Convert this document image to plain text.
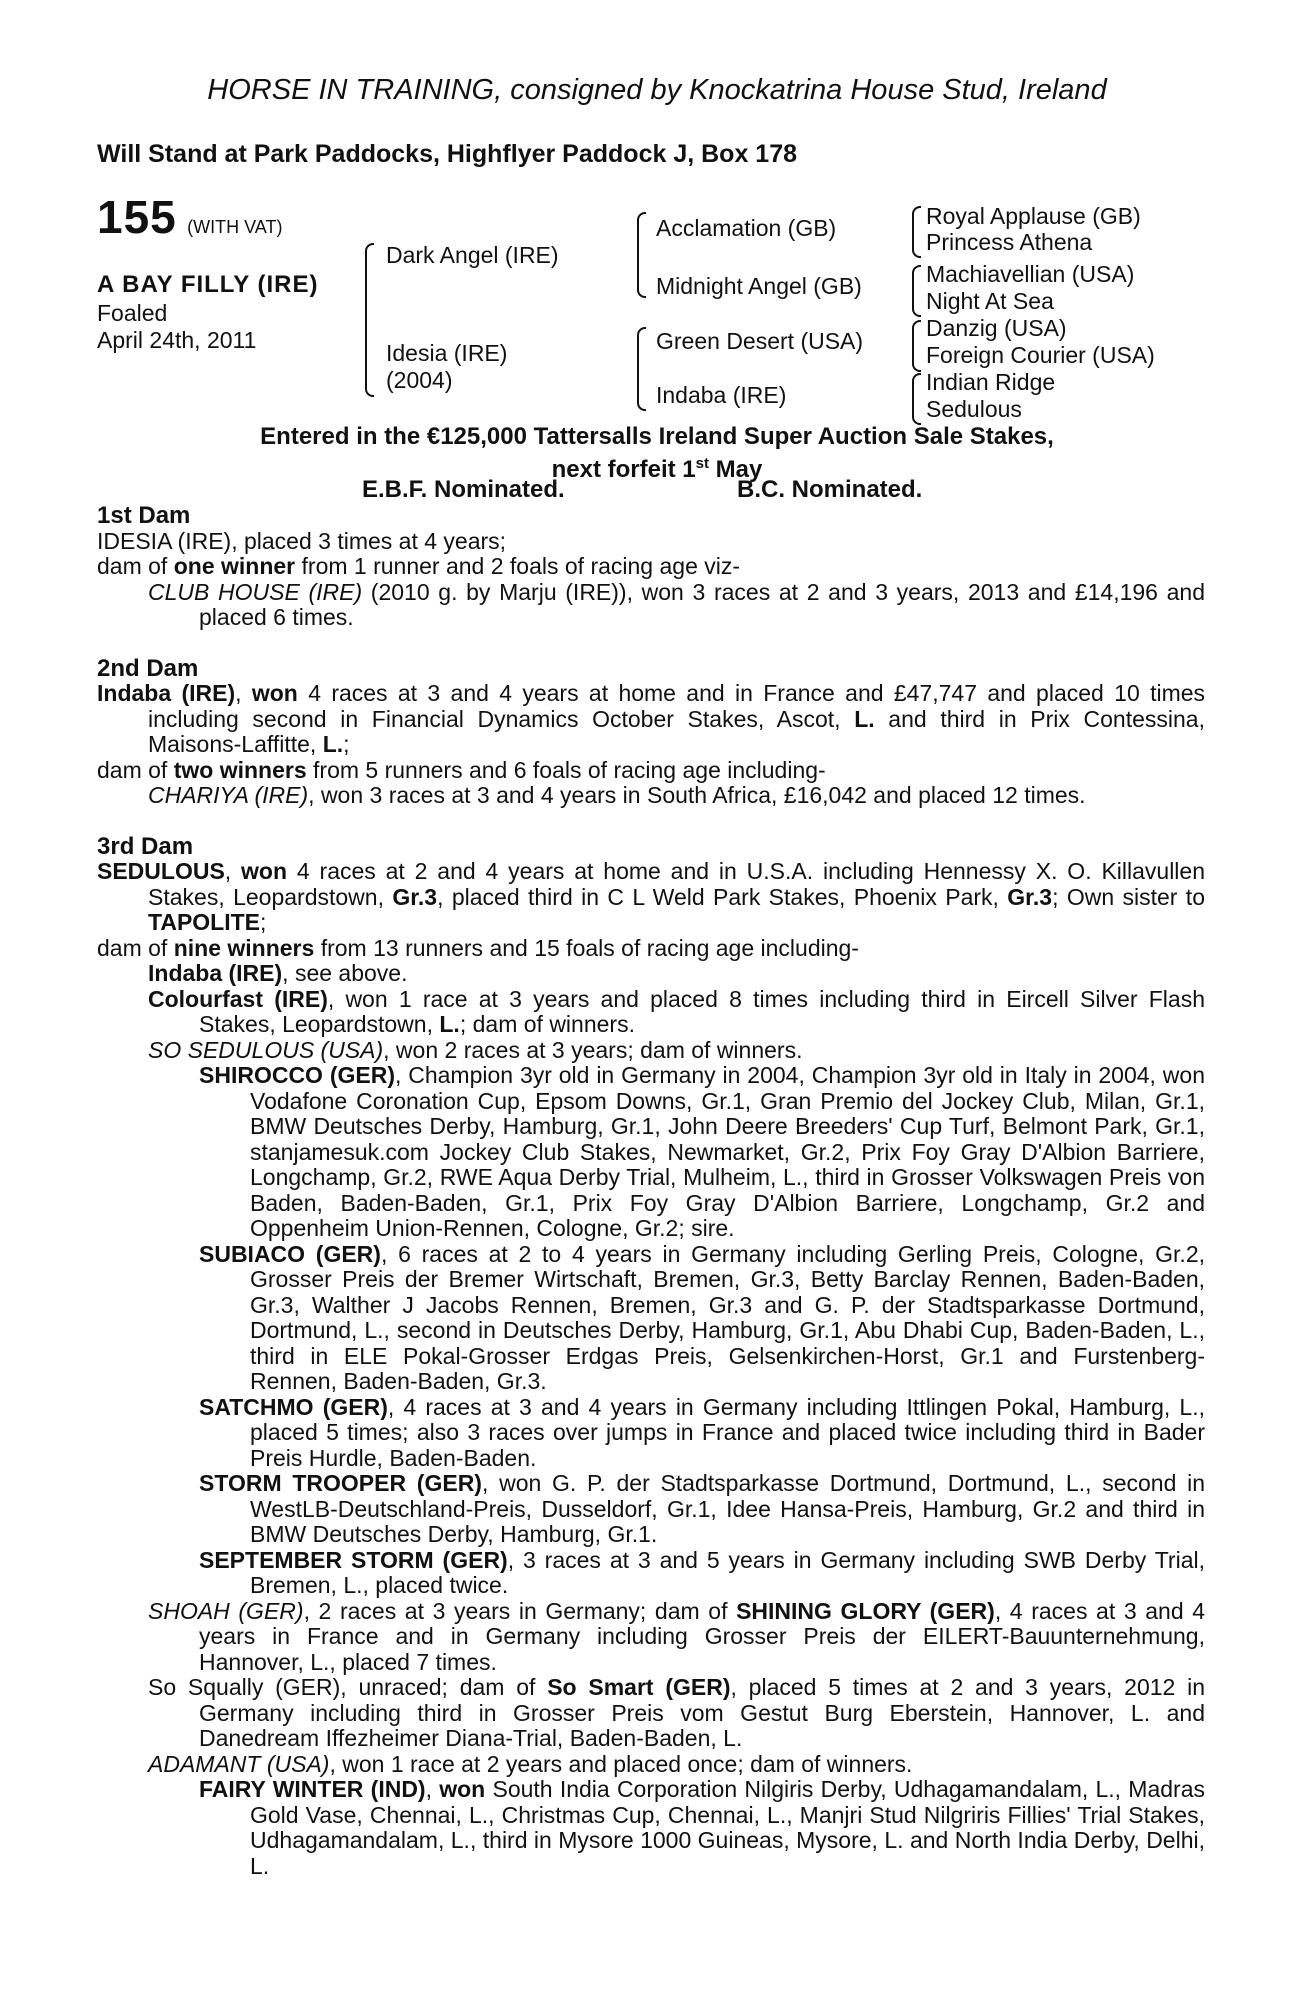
HORSE IN TRAINING, consigned by Knockatrina House Stud, Ireland
Will Stand at Park Paddocks, Highflyer Paddock J, Box 178
155 (WITH VAT)
A BAY FILLY (IRE)
Foaled
April 24th, 2011
Dark Angel (IRE)
Idesia (IRE)
(2004)
Acclamation (GB)
Midnight Angel (GB)
Green Desert (USA)
Indaba (IRE)
Royal Applause (GB)
Princess Athena
Machiavellian (USA)
Night At Sea
Danzig (USA)
Foreign Courier (USA)
Indian Ridge
Sedulous
Entered in the €125,000 Tattersalls Ireland Super Auction Sale Stakes,
next forfeit 1st May
E.B.F. Nominated.	B.C. Nominated.

1st Dam

IDESIA (IRE), placed 3 times at 4 years;

dam of one winner from 1 runner and 2 foals of racing age viz-

CLUB HOUSE (IRE) (2010 g. by Marju (IRE)), won 3 races at 2 and 3 years, 2013 and £14,196 and placed 6 times.

2nd Dam

Indaba (IRE), won 4 races at 3 and 4 years at home and in France and £47,747 and placed 10 times including second in Financial Dynamics October Stakes, Ascot, L. and third in Prix Contessina, Maisons-Laffitte, L.;

dam of two winners from 5 runners and 6 foals of racing age including-

CHARIYA (IRE), won 3 races at 3 and 4 years in South Africa, £16,042 and placed 12 times.

3rd Dam

SEDULOUS, won 4 races at 2 and 4 years at home and in U.S.A. including Hennessy X. O. Killavullen Stakes, Leopardstown, Gr.3, placed third in C L Weld Park Stakes, Phoenix Park, Gr.3; Own sister to TAPOLITE;

dam of nine winners from 13 runners and 15 foals of racing age including-

Indaba (IRE), see above.

Colourfast (IRE), won 1 race at 3 years and placed 8 times including third in Eircell Silver Flash Stakes, Leopardstown, L.; dam of winners.

SO SEDULOUS (USA), won 2 races at 3 years; dam of winners.

SHIROCCO (GER), Champion 3yr old in Germany in 2004, Champion 3yr old in Italy in 2004, won Vodafone Coronation Cup, Epsom Downs, Gr.1, Gran Premio del Jockey Club, Milan, Gr.1, BMW Deutsches Derby, Hamburg, Gr.1, John Deere Breeders' Cup Turf, Belmont Park, Gr.1, stanjamesuk.com Jockey Club Stakes, Newmarket, Gr.2, Prix Foy Gray D'Albion Barriere, Longchamp, Gr.2, RWE Aqua Derby Trial, Mulheim, L., third in Grosser Volkswagen Preis von Baden, Baden-Baden, Gr.1, Prix Foy Gray D'Albion Barriere, Longchamp, Gr.2 and Oppenheim Union-Rennen, Cologne, Gr.2; sire.

SUBIACO (GER), 6 races at 2 to 4 years in Germany including Gerling Preis, Cologne, Gr.2, Grosser Preis der Bremer Wirtschaft, Bremen, Gr.3, Betty Barclay Rennen, Baden-Baden, Gr.3, Walther J Jacobs Rennen, Bremen, Gr.3 and G. P. der Stadtsparkasse Dortmund, Dortmund, L., second in Deutsches Derby, Hamburg, Gr.1, Abu Dhabi Cup, Baden-Baden, L., third in ELE Pokal-Grosser Erdgas Preis, Gelsenkirchen-Horst, Gr.1 and Furstenberg-Rennen, Baden-Baden, Gr.3.

SATCHMO (GER), 4 races at 3 and 4 years in Germany including Ittlingen Pokal, Hamburg, L., placed 5 times; also 3 races over jumps in France and placed twice including third in Bader Preis Hurdle, Baden-Baden.

STORM TROOPER (GER), won G. P. der Stadtsparkasse Dortmund, Dortmund, L., second in WestLB-Deutschland-Preis, Dusseldorf, Gr.1, Idee Hansa-Preis, Hamburg, Gr.2 and third in BMW Deutsches Derby, Hamburg, Gr.1.

SEPTEMBER STORM (GER), 3 races at 3 and 5 years in Germany including SWB Derby Trial, Bremen, L., placed twice.

SHOAH (GER), 2 races at 3 years in Germany; dam of SHINING GLORY (GER), 4 races at 3 and 4 years in France and in Germany including Grosser Preis der EILERT-Bauunternehmung, Hannover, L., placed 7 times.

So Squally (GER), unraced; dam of So Smart (GER), placed 5 times at 2 and 3 years, 2012 in Germany including third in Grosser Preis vom Gestut Burg Eberstein, Hannover, L. and Danedream Iffezheimer Diana-Trial, Baden-Baden, L.

ADAMANT (USA), won 1 race at 2 years and placed once; dam of winners.

FAIRY WINTER (IND), won South India Corporation Nilgiris Derby, Udhagamandalam, L., Madras Gold Vase, Chennai, L., Christmas Cup, Chennai, L., Manjri Stud Nilgriris Fillies' Trial Stakes, Udhagamandalam, L., third in Mysore 1000 Guineas, Mysore, L. and North India Derby, Delhi, L.
